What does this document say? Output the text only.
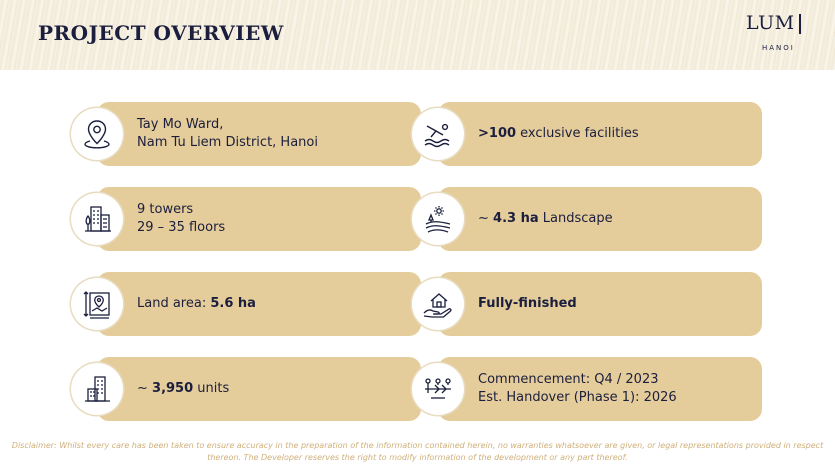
PROJECT OVERVIEW	LUM
HANOI
Tay Mo Ward,
Nam Tu Liem District, Hanoi
>100 exclusive facilities
9 towers
29 – 35 floors
~ 4.3 ha Landscape
Land area: 5.6 ha	Fully-finished
~ 3,950 units
Commencement: Q4 / 2023
Est. Handover (Phase 1): 2026
Disclaimer: Whilst every care has been taken to ensure accuracy in the preparation of the information contained herein, no warranties whatsoever are given, or legal representations provided in respect thereon. The Developer reserves the right to modify information of the development or any part thereof.
